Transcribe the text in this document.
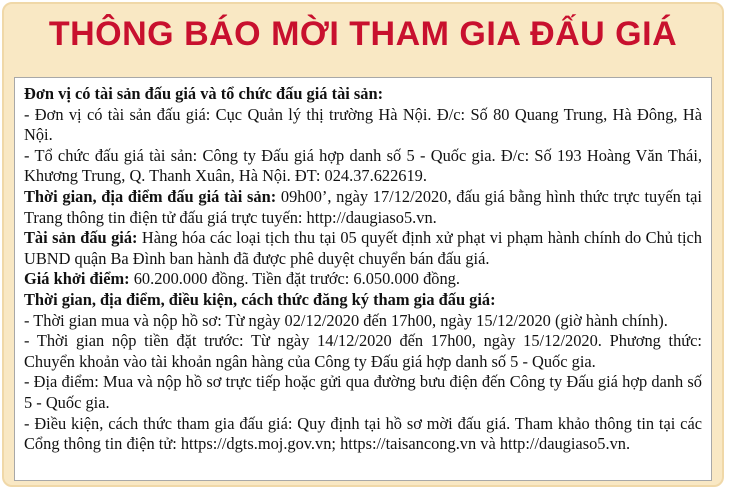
THÔNG BÁO MỜI THAM GIA ĐẤU GIÁ

Đơn vị có tài sản đấu giá và tổ chức đấu giá tài sản:

- Đơn vị có tài sản đấu giá: Cục Quản lý thị trường Hà Nội. Đ/c: Số 80 Quang Trung, Hà Đông, Hà Nội.

- Tổ chức đấu giá tài sản: Công ty Đấu giá hợp danh số 5 - Quốc gia. Đ/c: Số 193 Hoàng Văn Thái, Khương Trung, Q. Thanh Xuân, Hà Nội. ĐT: 024.37.622619.

Thời gian, địa điểm đấu giá tài sản: 09h00’, ngày 17/12/2020, đấu giá bằng hình thức trực tuyến tại Trang thông tin điện tử đấu giá trực tuyến: http://daugiaso5.vn.

Tài sản đấu giá: Hàng hóa các loại tịch thu tại 05 quyết định xử phạt vi phạm hành chính do Chủ tịch UBND quận Ba Đình ban hành đã được phê duyệt chuyển bán đấu giá.

Giá khởi điểm: 60.200.000 đồng. Tiền đặt trước: 6.050.000 đồng.

Thời gian, địa điểm, điều kiện, cách thức đăng ký tham gia đấu giá:

- Thời gian mua và nộp hồ sơ: Từ ngày 02/12/2020 đến 17h00, ngày 15/12/2020 (giờ hành chính).

- Thời gian nộp tiền đặt trước: Từ ngày 14/12/2020 đến 17h00, ngày 15/12/2020. Phương thức: Chuyển khoản vào tài khoản ngân hàng của Công ty Đấu giá hợp danh số 5 - Quốc gia.

- Địa điểm: Mua và nộp hồ sơ trực tiếp hoặc gửi qua đường bưu điện đến Công ty Đấu giá hợp danh số 5 - Quốc gia.

- Điều kiện, cách thức tham gia đấu giá: Quy định tại hồ sơ mời đấu giá. Tham khảo thông tin tại các Cổng thông tin điện tử: https://dgts.moj.gov.vn; https://taisancong.vn và http://daugiaso5.vn.
